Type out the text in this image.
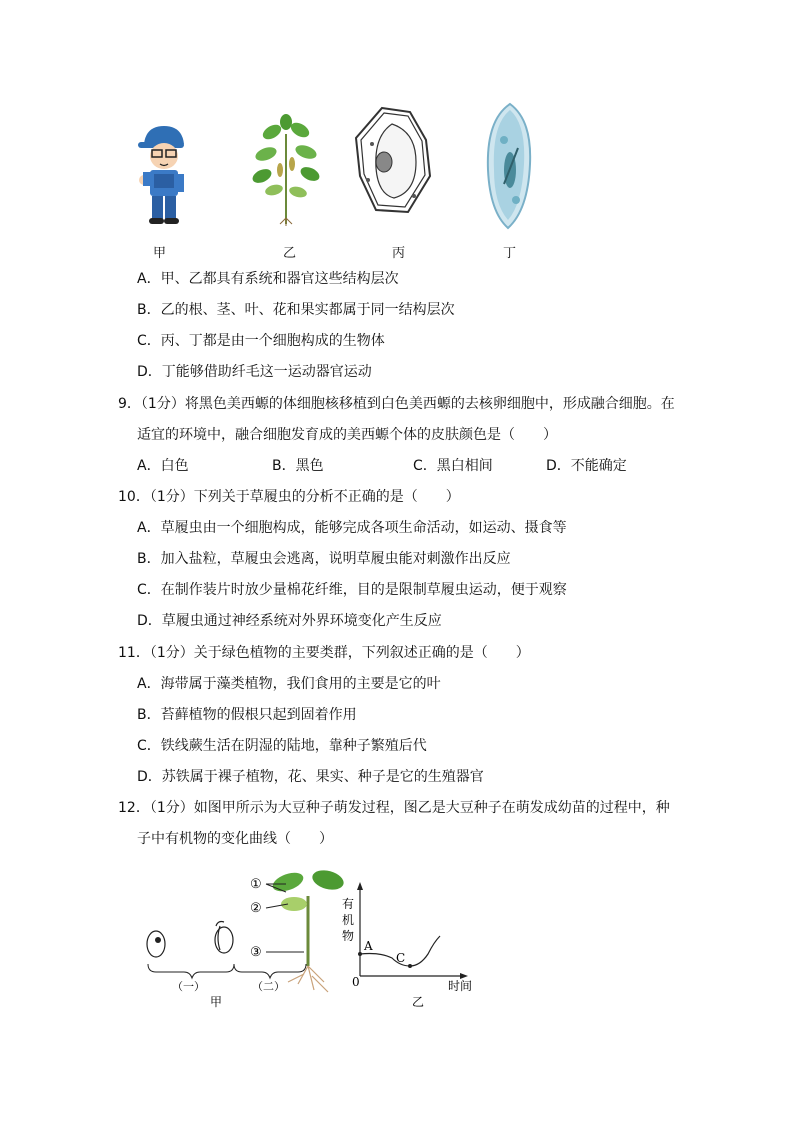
甲	乙	丙	丁
A．甲、乙都具有系统和器官这些结构层次
B．乙的根、茎、叶、花和果实都属于同一结构层次
C．丙、丁都是由一个细胞构成的生物体
D．丁能够借助纤毛这一运动器官运动
9．（1分）将黑色美西螈的体细胞核移植到白色美西螈的去核卵细胞中，形成融合细胞。在
适宜的环境中，融合细胞发育成的美西螈个体的皮肤颜色是（　　）
A．白色	B．黑色	C．黑白相间	D．不能确定
10．（1分）下列关于草履虫的分析不正确的是（　　）
A．草履虫由一个细胞构成，能够完成各项生命活动，如运动、摄食等
B．加入盐粒，草履虫会逃离，说明草履虫能对刺激作出反应
C．在制作装片时放少量棉花纤维，目的是限制草履虫运动，便于观察
D．草履虫通过神经系统对外界环境变化产生反应
11．（1分）关于绿色植物的主要类群，下列叙述正确的是（　　）
A．海带属于藻类植物，我们食用的主要是它的叶
B．苔藓植物的假根只起到固着作用
C．铁线蕨生活在阴湿的陆地，靠种子繁殖后代
D．苏铁属于裸子植物，花、果实、种子是它的生殖器官
12．（1分）如图甲所示为大豆种子萌发过程，图乙是大豆种子在萌发成幼苗的过程中，种
子中有机物的变化曲线（　　）
（一）	（二）
甲
①
②
③
有
机
物
A
C
0	时间
乙
